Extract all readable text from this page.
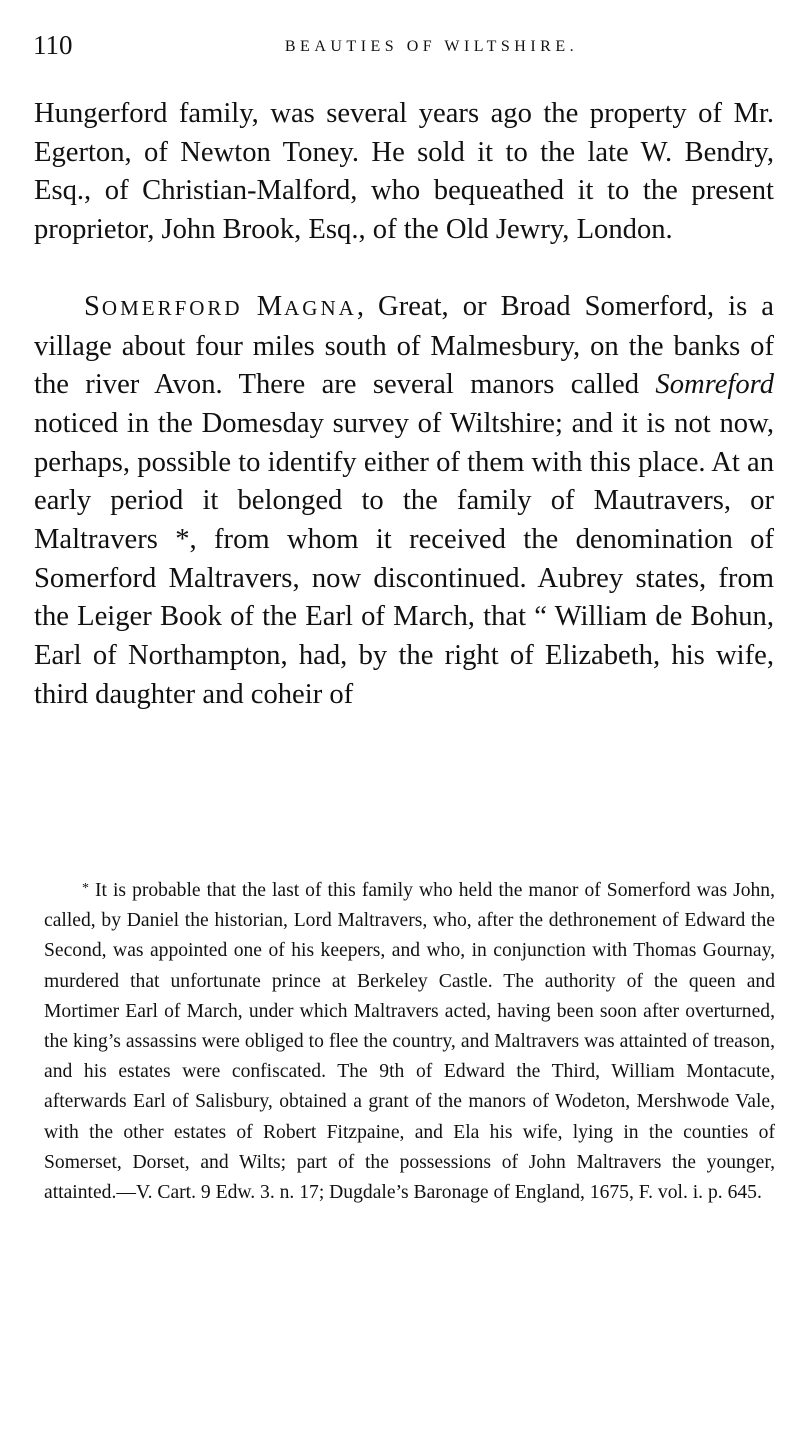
110	BEAUTIES OF WILTSHIRE.

Hungerford family, was several years ago the property of Mr. Egerton, of Newton Toney. He sold it to the late W. Bendry, Esq., of Christian-Malford, who bequeathed it to the present proprietor, John Brook, Esq., of the Old Jewry, London.

SOMERFORD MAGNA, Great, or Broad Somerford, is a village about four miles south of Malmesbury, on the banks of the river Avon. There are several manors called Somreford noticed in the Domesday survey of Wiltshire; and it is not now, perhaps, possible to identify either of them with this place. At an early period it belonged to the family of Mautravers, or Maltravers *, from whom it received the denomination of Somerford Maltravers, now discontinued. Aubrey states, from the Leiger Book of the Earl of March, that “ William de Bohun, Earl of Northampton, had, by the right of Elizabeth, his wife, third daughter and coheir of

* It is probable that the last of this family who held the manor of Somerford was John, called, by Daniel the historian, Lord Maltravers, who, after the dethronement of Edward the Second, was appointed one of his keepers, and who, in conjunction with Thomas Gournay, murdered that unfortunate prince at Berkeley Castle. The authority of the queen and Mortimer Earl of March, under which Maltravers acted, having been soon after overturned, the king’s assassins were obliged to flee the country, and Maltravers was attainted of treason, and his estates were confiscated. The 9th of Edward the Third, William Montacute, afterwards Earl of Salisbury, obtained a grant of the manors of Wodeton, Mershwode Vale, with the other estates of Robert Fitzpaine, and Ela his wife, lying in the counties of Somerset, Dorset, and Wilts; part of the possessions of John Maltravers the younger, attainted.—V. Cart. 9 Edw. 3. n. 17; Dugdale’s Baronage of England, 1675, F. vol. i. p. 645.
